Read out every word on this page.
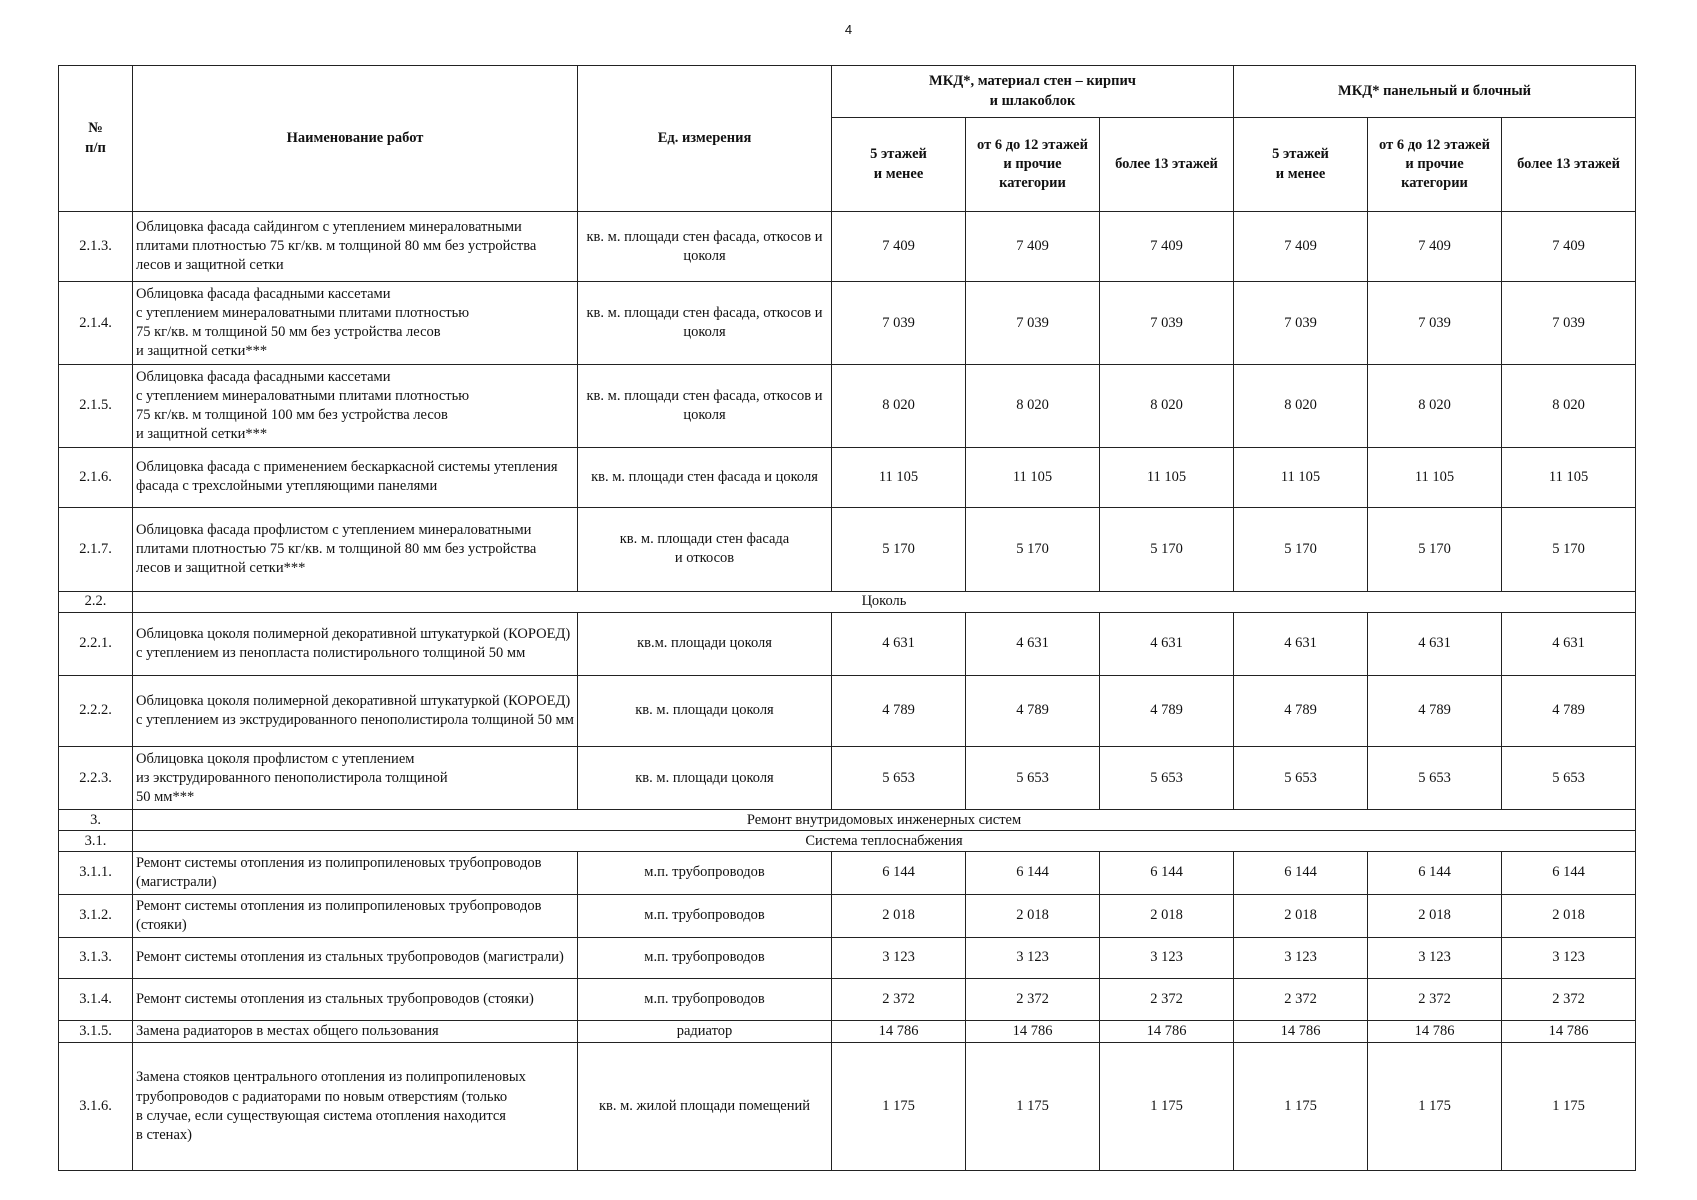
4
№
п/п	Наименование работ	Ед. измерения	МКД*, материал стен – кирпич
и шлакоблок			МКД* панельный и блочный		
			5 этажей
и менее	от 6 до 12 этажей
и прочие
категории	более 13 этажей	5 этажей
и менее	от 6 до 12 этажей
и прочие
категории	более 13 этажей
2.1.3.	Облицовка фасада сайдингом с утеплением минераловатными плитами плотностью 75 кг/кв. м толщиной 80 мм без устройства лесов и защитной сетки	кв. м. площади стен фасада, откосов и цоколя	7 409	7 409	7 409	7 409	7 409	7 409
2.1.4.	Облицовка фасада фасадными кассетами
с утеплением минераловатными плитами плотностью
75 кг/кв. м толщиной 50 мм без устройства лесов
и защитной сетки***	кв. м. площади стен фасада, откосов и цоколя	7 039	7 039	7 039	7 039	7 039	7 039
2.1.5.	Облицовка фасада фасадными кассетами
с утеплением минераловатными плитами плотностью
75 кг/кв. м толщиной 100 мм без устройства лесов
и защитной сетки***	кв. м. площади стен фасада, откосов и цоколя	8 020	8 020	8 020	8 020	8 020	8 020
2.1.6.	Облицовка фасада с применением бескаркасной системы утепления фасада с трехслойными утепляющими панелями	кв. м. площади стен фасада и цоколя	11 105	11 105	11 105	11 105	11 105	11 105
2.1.7.	Облицовка фасада профлистом с утеплением минераловатными плитами плотностью 75 кг/кв. м толщиной 80 мм без устройства лесов и защитной сетки***	кв. м. площади стен фасада
и откосов	5 170	5 170	5 170	5 170	5 170	5 170
2.2.	Цоколь							
2.2.1.	Облицовка цоколя полимерной декоративной штукатуркой (КОРОЕД) с утеплением из пенопласта полистирольного толщиной 50 мм	кв.м. площади цоколя	4 631	4 631	4 631	4 631	4 631	4 631
2.2.2.	Облицовка цоколя полимерной декоративной штукатуркой (КОРОЕД) с утеплением из экструдированного пенополистирола толщиной 50 мм	кв. м. площади цоколя	4 789	4 789	4 789	4 789	4 789	4 789
2.2.3.	Облицовка цоколя профлистом с утеплением
из экструдированного пенополистирола толщиной
50 мм***	кв. м. площади цоколя	5 653	5 653	5 653	5 653	5 653	5 653
3.	Ремонт внутридомовых инженерных систем							
3.1.	Система теплоснабжения							
3.1.1.	Ремонт системы отопления из полипропиленовых трубопроводов (магистрали)	м.п. трубопроводов	6 144	6 144	6 144	6 144	6 144	6 144
3.1.2.	Ремонт системы отопления из полипропиленовых трубопроводов (стояки)	м.п. трубопроводов	2 018	2 018	2 018	2 018	2 018	2 018
3.1.3.	Ремонт системы отопления из стальных трубопроводов (магистрали)	м.п. трубопроводов	3 123	3 123	3 123	3 123	3 123	3 123
3.1.4.	Ремонт системы отопления из стальных трубопроводов (стояки)	м.п. трубопроводов	2 372	2 372	2 372	2 372	2 372	2 372
3.1.5.	Замена радиаторов в местах общего пользования	радиатор	14 786	14 786	14 786	14 786	14 786	14 786
3.1.6.	Замена стояков центрального отопления из полипропиленовых трубопроводов с радиаторами по новым отверстиям (только
в случае, если существующая система отопления находится
в стенах)	кв. м. жилой площади помещений	1 175	1 175	1 175	1 175	1 175	1 175
